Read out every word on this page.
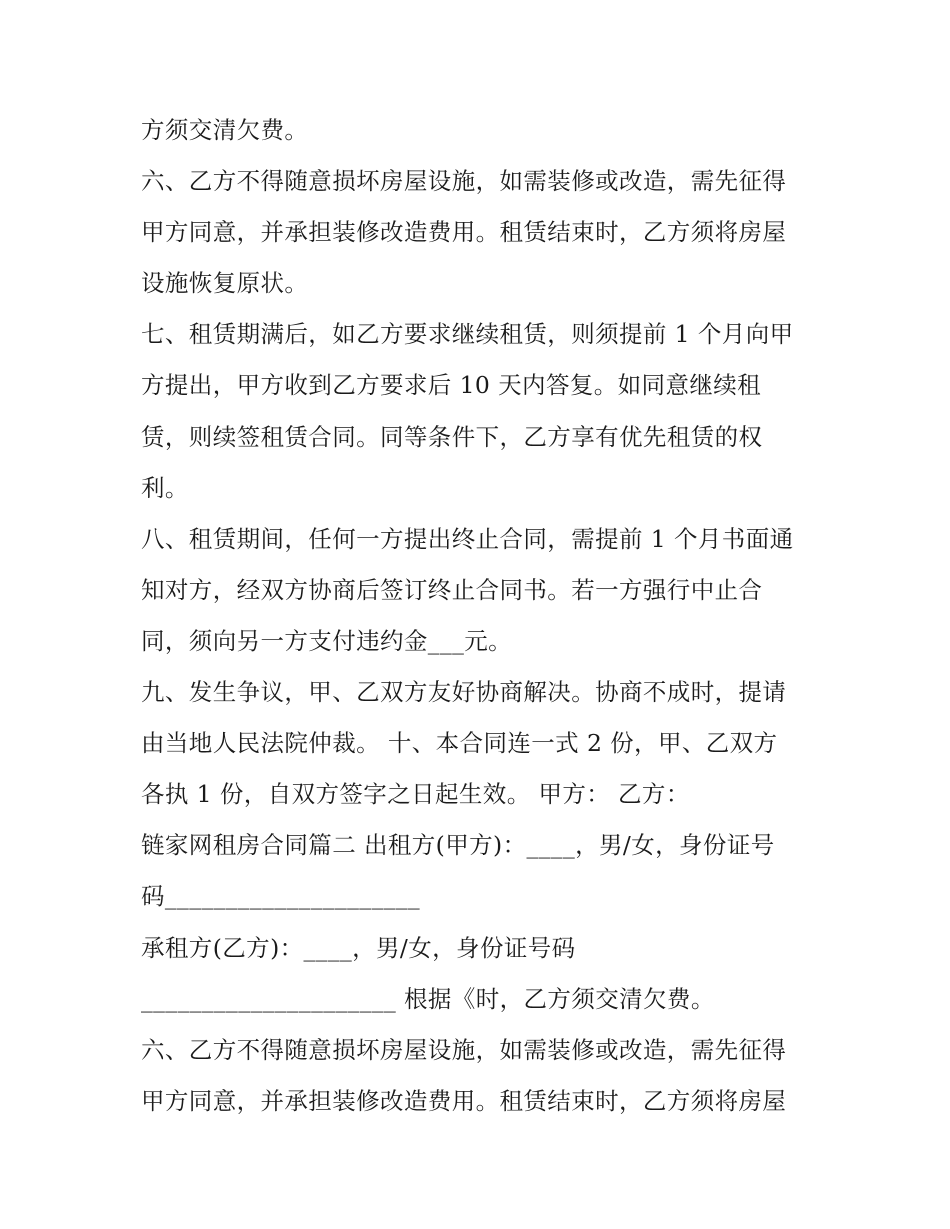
方须交清欠费。
六、乙方不得随意损坏房屋设施，如需装修或改造，需先征得
甲方同意，并承担装修改造费用。租赁结束时，乙方须将房屋
设施恢复原状。
七、租赁期满后，如乙方要求继续租赁，则须提前 1 个月向甲
方提出，甲方收到乙方要求后 10 天内答复。如同意继续租
赁，则续签租赁合同。同等条件下，乙方享有优先租赁的权
利。
八、租赁期间，任何一方提出终止合同，需提前 1 个月书面通
知对方，经双方协商后签订终止合同书。若一方强行中止合
同，须向另一方支付违约金___元。
九、发生争议，甲、乙双方友好协商解决。协商不成时，提请
由当地人民法院仲裁。 十、本合同连一式 2 份，甲、乙双方
各执 1 份，自双方签字之日起生效。 甲方： 乙方：
链家网租房合同篇二 出租方(甲方)：____，男/女，身份证号
码_____________________
承租方(乙方)：____，男/女，身份证号码
_____________________ 根据《时，乙方须交清欠费。
六、乙方不得随意损坏房屋设施，如需装修或改造，需先征得
甲方同意，并承担装修改造费用。租赁结束时，乙方须将房屋
